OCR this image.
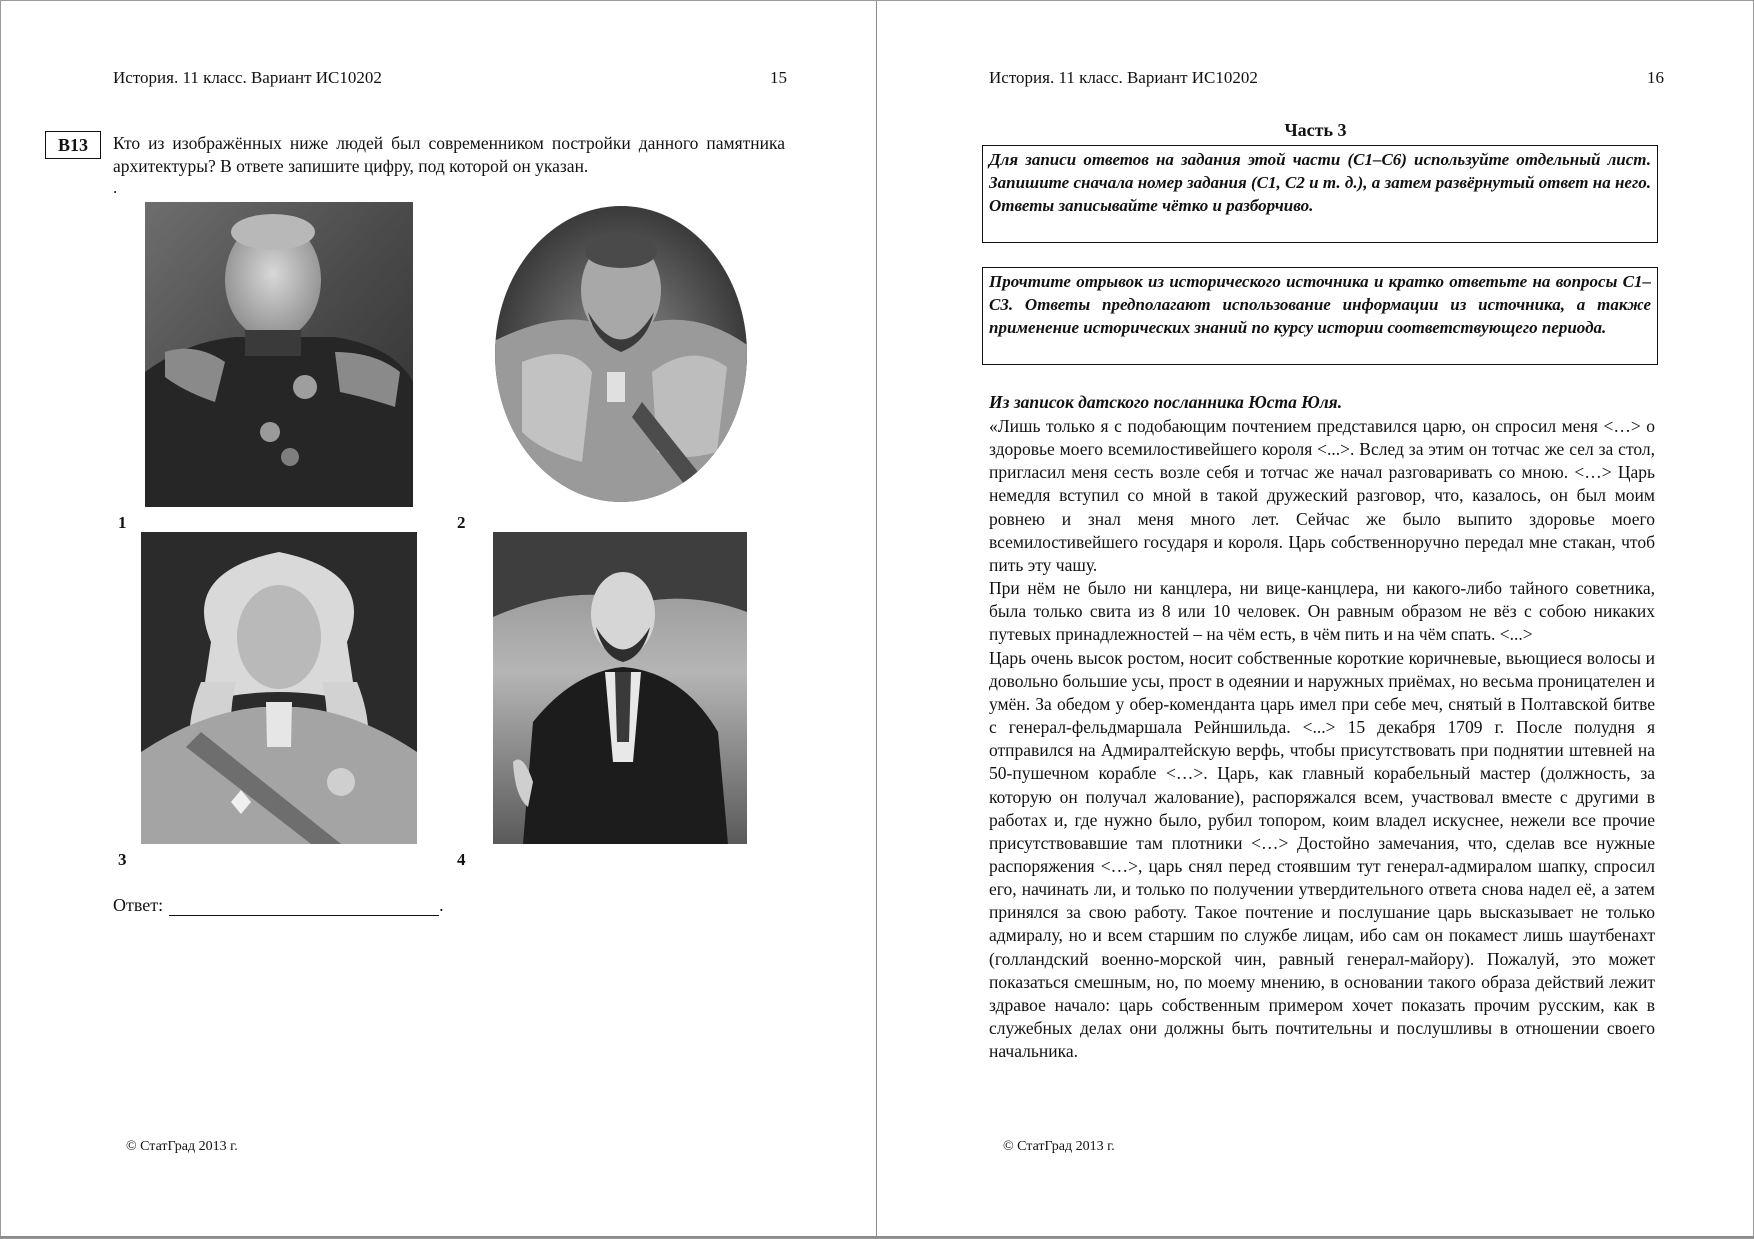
История. 11 класс. Вариант ИС10202	15
B13	Кто из изображённых ниже людей был современником постройки данного памятника архитектуры? В ответе запишите цифру, под которой он указан.
.
1	2
3	4
Ответ:	.
© СтатГрад 2013 г.
История. 11 класс. Вариант ИС10202	16
Часть 3
Для записи ответов на задания этой части (С1–С6) используйте отдельный лист. Запишите сначала номер задания (С1, С2 и т. д.), а затем развёрнутый ответ на него. Ответы записывайте чётко и разборчиво.
Прочтите отрывок из исторического источника и кратко ответьте на вопросы С1–С3. Ответы предполагают использование информации из источника, а также применение исторических знаний по курсу истории соответствующего периода.
Из записок датского посланника Юста Юля.

«Лишь только я с подобающим почтением представился царю, он спросил меня <…> о здоровье моего всемилостивейшего короля <...>. Вслед за этим он тотчас же сел за стол, пригласил меня сесть возле себя и тотчас же начал разговаривать со мною. <…> Царь немедля вступил со мной в такой дружеский разговор, что, казалось, он был моим ровнею и знал меня много лет. Сейчас же было выпито здоровье моего всемилостивейшего государя и короля. Царь собственноручно передал мне стакан, чтоб пить эту чашу.

При нём не было ни канцлера, ни вице-канцлера, ни какого-либо тайного советника, была только свита из 8 или 10 человек. Он равным образом не вёз с собою никаких путевых принадлежностей – на чём есть, в чём пить и на чём спать. <...>

Царь очень высок ростом, носит собственные короткие коричневые, вьющиеся волосы и довольно большие усы, прост в одеянии и наружных приёмах, но весьма проницателен и умён. За обедом у обер-коменданта царь имел при себе меч, снятый в Полтавской битве с генерал-фельдмаршала Рейншильда. <...> 15 декабря 1709 г. После полудня я отправился на Адмиралтейскую верфь, чтобы присутствовать при поднятии штевней на 50-пушечном корабле <…>. Царь, как главный корабельный мастер (должность, за которую он получал жалование), распоряжался всем, участвовал вместе с другими в работах и, где нужно было, рубил топором, коим владел искуснее, нежели все прочие присутствовавшие там плотники <…> Достойно замечания, что, сделав все нужные распоряжения <…>, царь снял перед стоявшим тут генерал-адмиралом шапку, спросил его, начинать ли, и только по получении утвердительного ответа снова надел её, а затем принялся за свою работу. Такое почтение и послушание царь высказывает не только адмиралу, но и всем старшим по службе лицам, ибо сам он покамест лишь шаутбенахт (голландский военно-морской чин, равный генерал-майору). Пожалуй, это может показаться смешным, но, по моему мнению, в основании такого образа действий лежит здравое начало: царь собственным примером хочет показать прочим русским, как в служебных делах они должны быть почтительны и послушливы в отношении своего начальника.

© СтатГрад 2013 г.
